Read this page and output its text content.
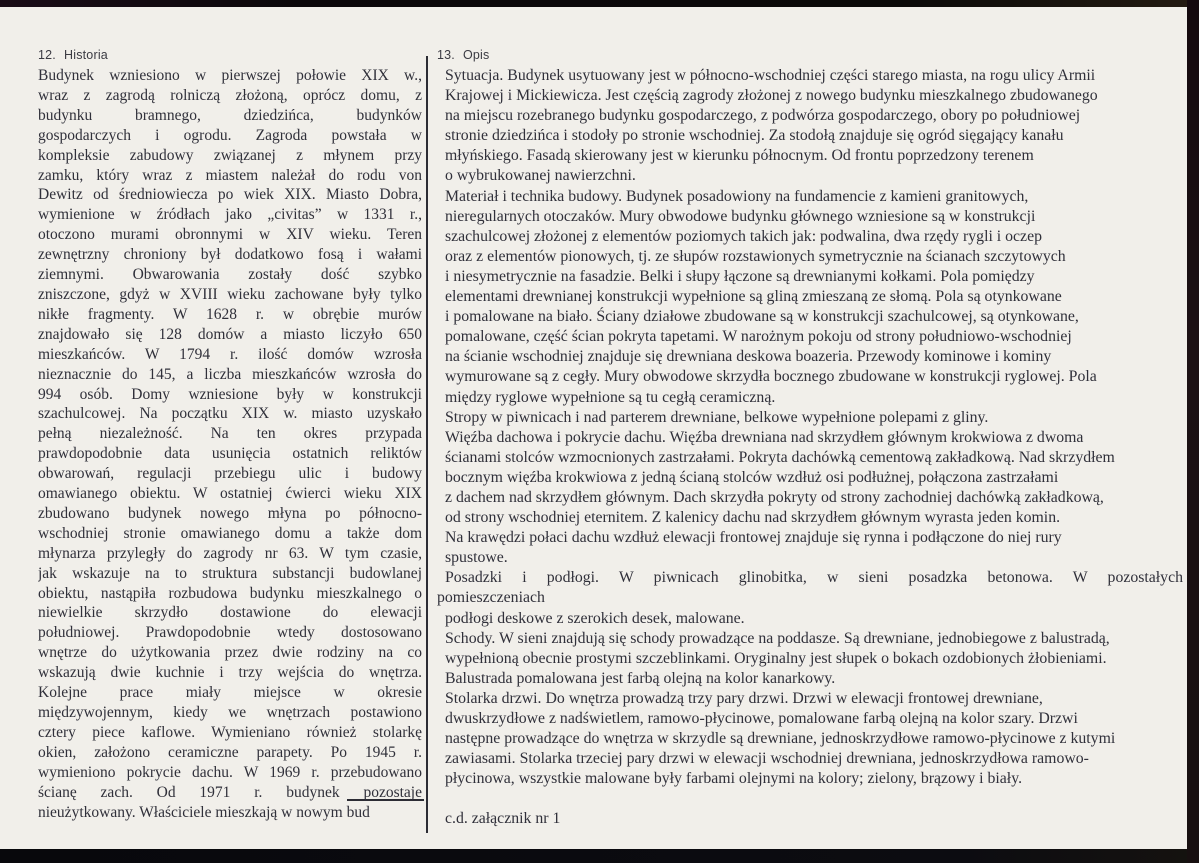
12. Historia
Budynek wzniesiono w pierwszej połowie XIX w.,
wraz z zagrodą rolniczą złożoną, oprócz domu, z
budynku bramnego, dziedzińca, budynków
gospodarczych i ogrodu. Zagroda powstała w
kompleksie zabudowy związanej z młynem przy
zamku, który wraz z miastem należał do rodu von
Dewitz od średniowiecza po wiek XIX. Miasto Dobra,
wymienione w źródłach jako „civitas” w 1331 r.,
otoczono murami obronnymi w XIV wieku. Teren
zewnętrzny chroniony był dodatkowo fosą i wałami
ziemnymi. Obwarowania zostały dość szybko
zniszczone, gdyż w XVIII wieku zachowane były tylko
nikłe fragmenty. W 1628 r. w obrębie murów
znajdowało się 128 domów a miasto liczyło 650
mieszkańców. W 1794 r. ilość domów wzrosła
nieznacznie do 145, a liczba mieszkańców wzrosła do
994 osób. Domy wzniesione były w konstrukcji
szachulcowej. Na początku XIX w. miasto uzyskało
pełną niezależność. Na ten okres przypada
prawdopodobnie data usunięcia ostatnich reliktów
obwarowań, regulacji przebiegu ulic i budowy
omawianego obiektu. W ostatniej ćwierci wieku XIX
zbudowano budynek nowego młyna po północno-
wschodniej stronie omawianego domu a także dom
młynarza przyległy do zagrody nr 63. W tym czasie,
jak wskazuje na to struktura substancji budowlanej
obiektu, nastąpiła rozbudowa budynku mieszkalnego o
niewielkie skrzydło dostawione do elewacji
południowej. Prawdopodobnie wtedy dostosowano
wnętrze do użytkowania przez dwie rodziny na co
wskazują dwie kuchnie i trzy wejścia do wnętrza.
Kolejne prace miały miejsce w okresie
międzywojennym, kiedy we wnętrzach postawiono
cztery piece kaflowe. Wymieniano również stolarkę
okien, założono ceramiczne parapety. Po 1945 r.
wymieniono pokrycie dachu. W 1969 r. przebudowano
ścianę zach. Od 1971 r. budynek pozostaje
nieużytkowany. Właściciele mieszkają w nowym bud
13. Opis
Sytuacja. Budynek usytuowany jest w północno-wschodniej części starego miasta, na rogu ulicy Armii
Krajowej i Mickiewicza. Jest częścią zagrody złożonej z nowego budynku mieszkalnego zbudowanego
na miejscu rozebranego budynku gospodarczego, z podwórza gospodarczego, obory po południowej
stronie dziedzińca i stodoły po stronie wschodniej. Za stodołą znajduje się ogród sięgający kanału
młyńskiego. Fasadą skierowany jest w kierunku północnym. Od frontu poprzedzony terenem
o wybrukowanej nawierzchni.
Materiał i technika budowy. Budynek posadowiony na fundamencie z kamieni granitowych,
nieregularnych otoczaków. Mury obwodowe budynku głównego wzniesione są w konstrukcji
szachulcowej złożonej z elementów poziomych takich jak: podwalina, dwa rzędy rygli i oczep
oraz z elementów pionowych, tj. ze słupów rozstawionych symetrycznie na ścianach szczytowych
i niesymetrycznie na fasadzie. Belki i słupy łączone są drewnianymi kołkami. Pola pomiędzy
elementami drewnianej konstrukcji wypełnione są gliną zmieszaną ze słomą. Pola są otynkowane
i pomalowane na biało. Ściany działowe zbudowane są w konstrukcji szachulcowej, są otynkowane,
pomalowane, część ścian pokryta tapetami. W narożnym pokoju od strony południowo-wschodniej
na ścianie wschodniej znajduje się drewniana deskowa boazeria. Przewody kominowe i kominy
wymurowane są z cegły. Mury obwodowe skrzydła bocznego zbudowane w konstrukcji ryglowej. Pola
między ryglowe wypełnione są tu cegłą ceramiczną.
Stropy w piwnicach i nad parterem drewniane, belkowe wypełnione polepami z gliny.
Więźba dachowa i pokrycie dachu. Więźba drewniana nad skrzydłem głównym krokwiowa z dwoma
ścianami stolców wzmocnionych zastrzałami. Pokryta dachówką cementową zakładkową. Nad skrzydłem
bocznym więźba krokwiowa z jedną ścianą stolców wzdłuż osi podłużnej, połączona zastrzałami
z dachem nad skrzydłem głównym. Dach skrzydła pokryty od strony zachodniej dachówką zakładkową,
od strony wschodniej eternitem. Z kalenicy dachu nad skrzydłem głównym wyrasta jeden komin.
Na krawędzi połaci dachu wzdłuż elewacji frontowej znajduje się rynna i podłączone do niej rury
spustowe.
Posadzki i podłogi. W piwnicach glinobitka, w sieni posadzka betonowa. W pozostałych
pomieszczeniach
podłogi deskowe z szerokich desek, malowane.
Schody. W sieni znajdują się schody prowadzące na poddasze. Są drewniane, jednobiegowe z balustradą,
wypełnioną obecnie prostymi szczeblinkami. Oryginalny jest słupek o bokach ozdobionych żłobieniami.
Balustrada pomalowana jest farbą olejną na kolor kanarkowy.
Stolarka drzwi. Do wnętrza prowadzą trzy pary drzwi. Drzwi w elewacji frontowej drewniane,
dwuskrzydłowe z nadświetlem, ramowo-płycinowe, pomalowane farbą olejną na kolor szary. Drzwi
następne prowadzące do wnętrza w skrzydle są drewniane, jednoskrzydłowe ramowo-płycinowe z kutymi
zawiasami. Stolarka trzeciej pary drzwi w elewacji wschodniej drewniana, jednoskrzydłowa ramowo-
płycinowa, wszystkie malowane były farbami olejnymi na kolory; zielony, brązowy i biały.

c.d. załącznik nr 1
